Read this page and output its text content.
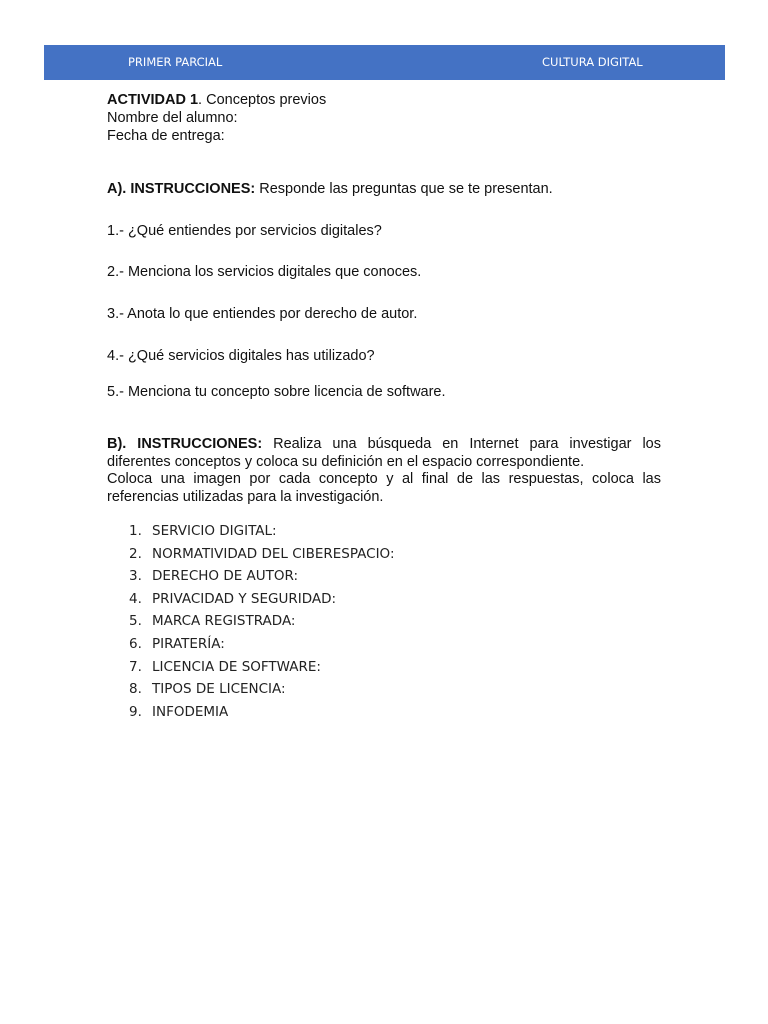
PRIMER PARCIAL	CULTURA DIGITAL
ACTIVIDAD 1. Conceptos previos
Nombre del alumno:
Fecha de entrega:
A). INSTRUCCIONES: Responde las preguntas que se te presentan.
1.- ¿Qué entiendes por servicios digitales?
2.- Menciona los servicios digitales que conoces.
3.- Anota lo que entiendes por derecho de autor.
4.- ¿Qué servicios digitales has utilizado?
5.- Menciona tu concepto sobre licencia de software.
B). INSTRUCCIONES: Realiza una búsqueda en Internet para investigar los diferentes conceptos y coloca su definición en el espacio correspondiente.
Coloca una imagen por cada concepto y al final de las respuestas, coloca las referencias utilizadas para la investigación.
1. SERVICIO DIGITAL:
2. NORMATIVIDAD DEL CIBERESPACIO:
3. DERECHO DE AUTOR:
4. PRIVACIDAD Y SEGURIDAD:
5. MARCA REGISTRADA:
6. PIRATERÍA:
7. LICENCIA DE SOFTWARE:
8. TIPOS DE LICENCIA:
9. INFODEMIA
